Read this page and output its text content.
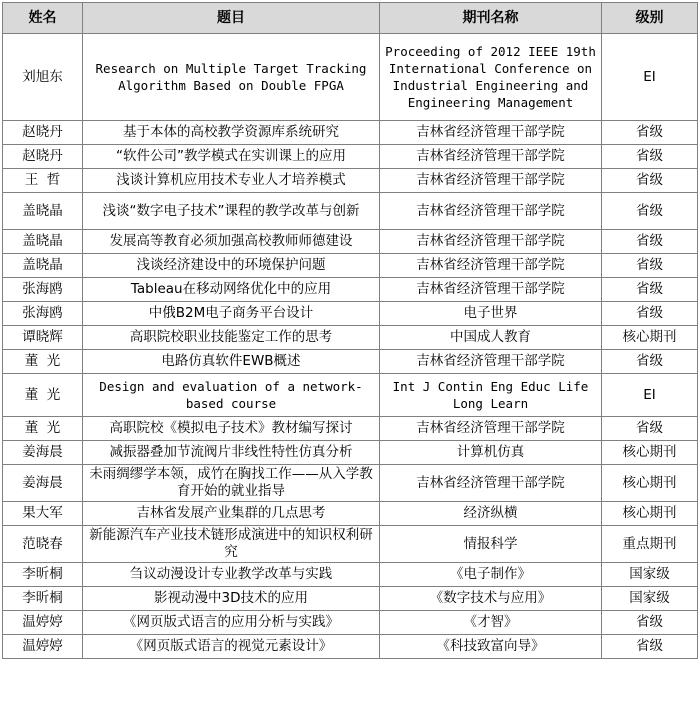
姓名	题目	期刊名称	级别
刘旭东	Research on Multiple Target Tracking Algorithm Based on Double FPGA	Proceeding of 2012 IEEE 19th International Conference on Industrial Engineering and Engineering Management	EI
赵晓丹	基于本体的高校教学资源库系统研究	吉林省经济管理干部学院	省级
赵晓丹	“软件公司”教学模式在实训课上的应用	吉林省经济管理干部学院	省级
王  哲	浅谈计算机应用技术专业人才培养模式	吉林省经济管理干部学院	省级
盖晓晶	浅谈“数字电子技术”课程的教学改革与创新	吉林省经济管理干部学院	省级
盖晓晶	发展高等教育必须加强高校教师师德建设	吉林省经济管理干部学院	省级
盖晓晶	浅谈经济建设中的环境保护问题	吉林省经济管理干部学院	省级
张海鸥	Tableau在移动网络优化中的应用	吉林省经济管理干部学院	省级
张海鸥	中俄B2M电子商务平台设计	电子世界	省级
谭晓辉	高职院校职业技能鉴定工作的思考	中国成人教育	核心期刊
董  光	电路仿真软件EWB概述	吉林省经济管理干部学院	省级
董  光	Design and evaluation of a network-based course	Int J Contin Eng Educ Life Long Learn	EI
董  光	高职院校《模拟电子技术》教材编写探讨	吉林省经济管理干部学院	省级
姜海晨	减振器叠加节流阀片非线性特性仿真分析	计算机仿真	核心期刊
姜海晨	未雨绸缪学本领，成竹在胸找工作——从入学教育开始的就业指导	吉林省经济管理干部学院	核心期刊
果大军	吉林省发展产业集群的几点思考	经济纵横	核心期刊
范晓春	新能源汽车产业技术链形成演进中的知识权利研究	情报科学	重点期刊
李昕桐	刍议动漫设计专业教学改革与实践	《电子制作》	国家级
李昕桐	影视动漫中3D技术的应用	《数字技术与应用》	国家级
温婷婷	《网页版式语言的应用分析与实践》	《才智》	省级
温婷婷	《网页版式语言的视觉元素设计》	《科技致富向导》	省级
